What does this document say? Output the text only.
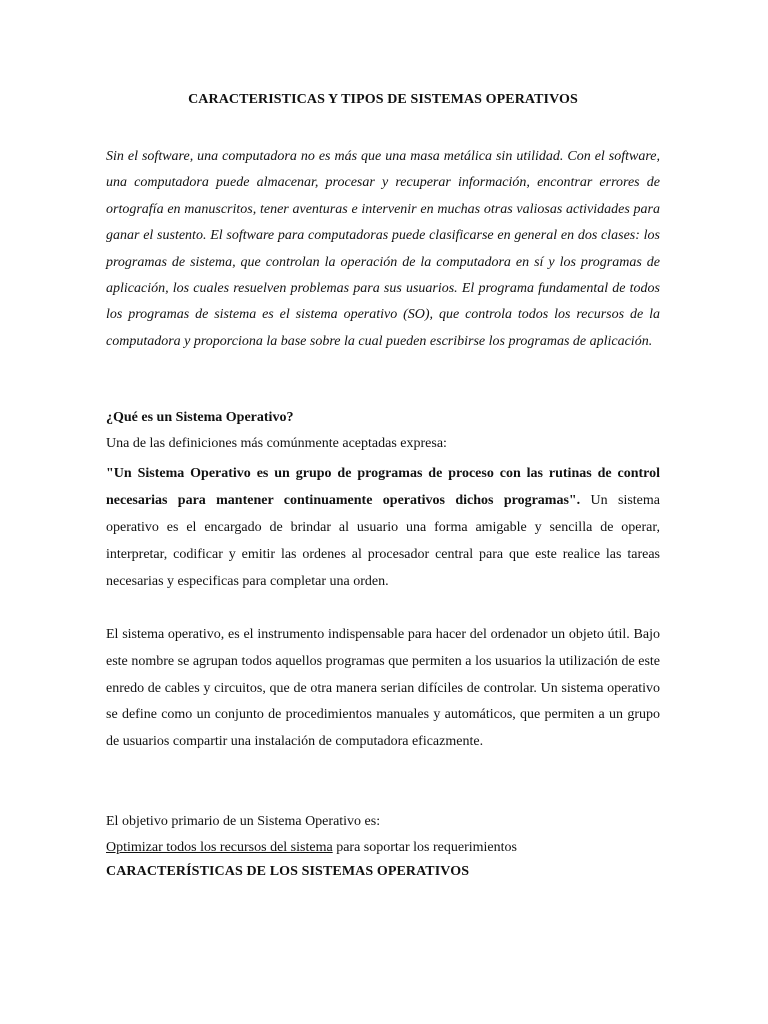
CARACTERISTICAS Y TIPOS DE SISTEMAS OPERATIVOS

Sin el software, una computadora no es más que una masa metálica sin utilidad. Con el software, una computadora puede almacenar, procesar y recuperar información, encontrar errores de ortografía en manuscritos, tener aventuras e intervenir en muchas otras valiosas actividades para ganar el sustento. El software para computadoras puede clasificarse en general en dos clases: los programas de sistema, que controlan la operación de la computadora en sí y los programas de aplicación, los cuales resuelven problemas para sus usuarios. El programa fundamental de todos los programas de sistema es el sistema operativo (SO), que controla todos los recursos de la computadora y proporciona la base sobre la cual pueden escribirse los programas de aplicación.

¿Qué es un Sistema Operativo?
Una de las definiciones más comúnmente aceptadas expresa:

"Un Sistema Operativo es un grupo de programas de proceso con las rutinas de control necesarias para mantener continuamente operativos dichos programas". Un sistema operativo es el encargado de brindar al usuario una forma amigable y sencilla de operar, interpretar, codificar y emitir las ordenes al procesador central para que este realice las tareas necesarias y especificas para completar una orden.

El sistema operativo, es el instrumento indispensable para hacer del ordenador un objeto útil. Bajo este nombre se agrupan todos aquellos programas que permiten a los usuarios la utilización de este enredo de cables y circuitos, que de otra manera serian difíciles de controlar. Un sistema operativo se define como un conjunto de procedimientos manuales y automáticos, que permiten a un grupo de usuarios compartir una instalación de computadora eficazmente.

El objetivo primario de un Sistema Operativo es:
Optimizar todos los recursos del sistema para soportar los requerimientos
CARACTERÍSTICAS DE LOS SISTEMAS OPERATIVOS
